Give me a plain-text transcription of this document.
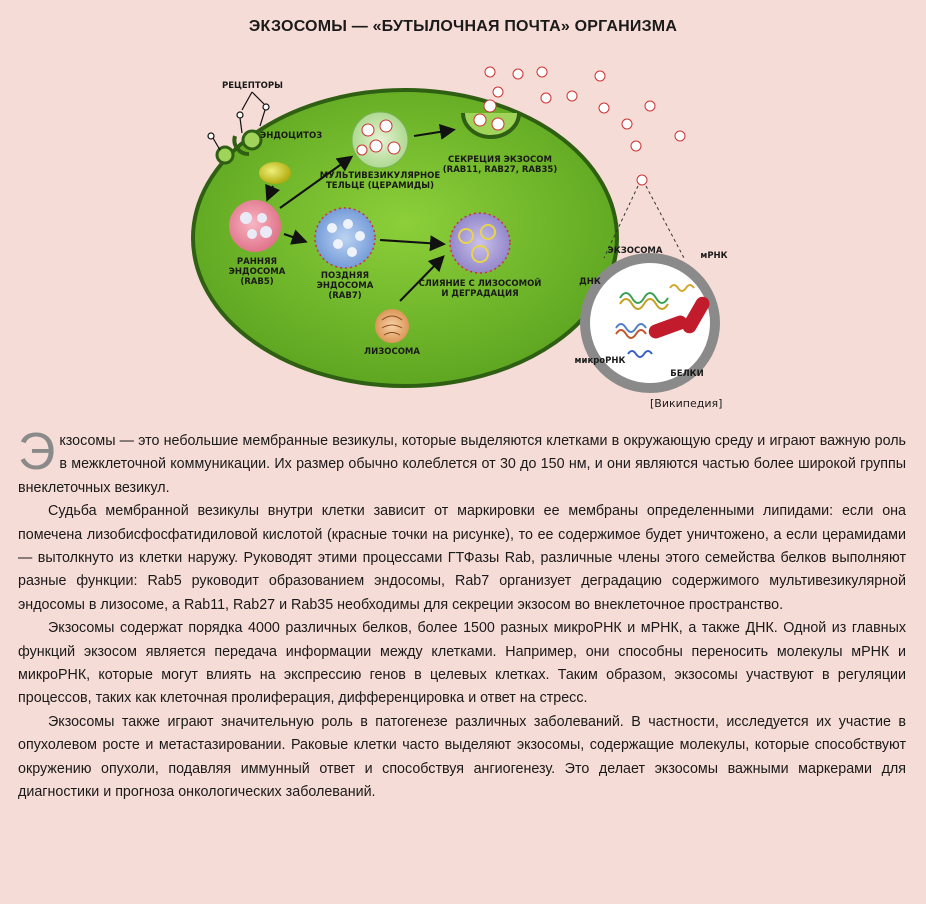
ЭКЗОСОМЫ — «БУТЫЛОЧНАЯ ПОЧТА» ОРГАНИЗМА
РЕЦЕПТОРЫ
ЭНДОЦИТОЗ
РАННЯЯ
ЭНДОСОМА
(RAB5)
МУЛЬТИВЕЗИКУЛЯРНОЕ
ТЕЛЬЦЕ (ЦЕРАМИДЫ)
ПОЗДНЯЯ
ЭНДОСОМА
(RAB7)
СЛИЯНИЕ С ЛИЗОСОМОЙ
И ДЕГРАДАЦИЯ
ЛИЗОСОМА
СЕКРЕЦИЯ ЭКЗОСОМ
(RAB11, RAB27, RAB35)
ЭКЗОСОМА	мРНК
ДНК
микроРНК
БЕЛКИ
[Википедия]

Экзосомы — это небольшие мембранные везикулы, которые выделяются клетками в окружающую среду и играют важную роль в межклеточной коммуникации. Их размер обычно колеблется от 30 до 150 нм, и они являются частью более широкой группы внеклеточных везикул.

Судьба мембранной везикулы внутри клетки зависит от маркировки ее мембраны определенными липидами: если она помечена лизобисфосфатидиловой кислотой (красные точки на рисунке), то ее содержимое будет уничтожено, а если церамидами — вытолкнуто из клетки наружу. Руководят этими процессами ГТФазы Rab, различные члены этого семейства белков выполняют разные функции: Rab5 руководит образованием эндосомы, Rab7 организует деградацию содержимого мультивезикулярной эндосомы в лизосоме, а Rab11, Rab27 и Rab35 необходимы для секреции экзосом во внеклеточное пространство.

Экзосомы содержат порядка 4000 различных белков, более 1500 разных микроРНК и мРНК, а также ДНК. Одной из главных функций экзосом является передача информации между клетками. Например, они способны переносить молекулы мРНК и микроРНК, которые могут влиять на экспрессию генов в целевых клетках. Таким образом, экзосомы участвуют в регуляции процессов, таких как клеточная пролиферация, дифференцировка и ответ на стресс.

Экзосомы также играют значительную роль в патогенезе различных заболеваний. В частности, исследуется их участие в опухолевом росте и метастазировании. Раковые клетки часто выделяют экзосомы, содержащие молекулы, которые способствуют окружению опухоли, подавляя иммунный ответ и способствуя ангиогенезу. Это делает экзосомы важными маркерами для диагностики и прогноза онкологических заболеваний.
